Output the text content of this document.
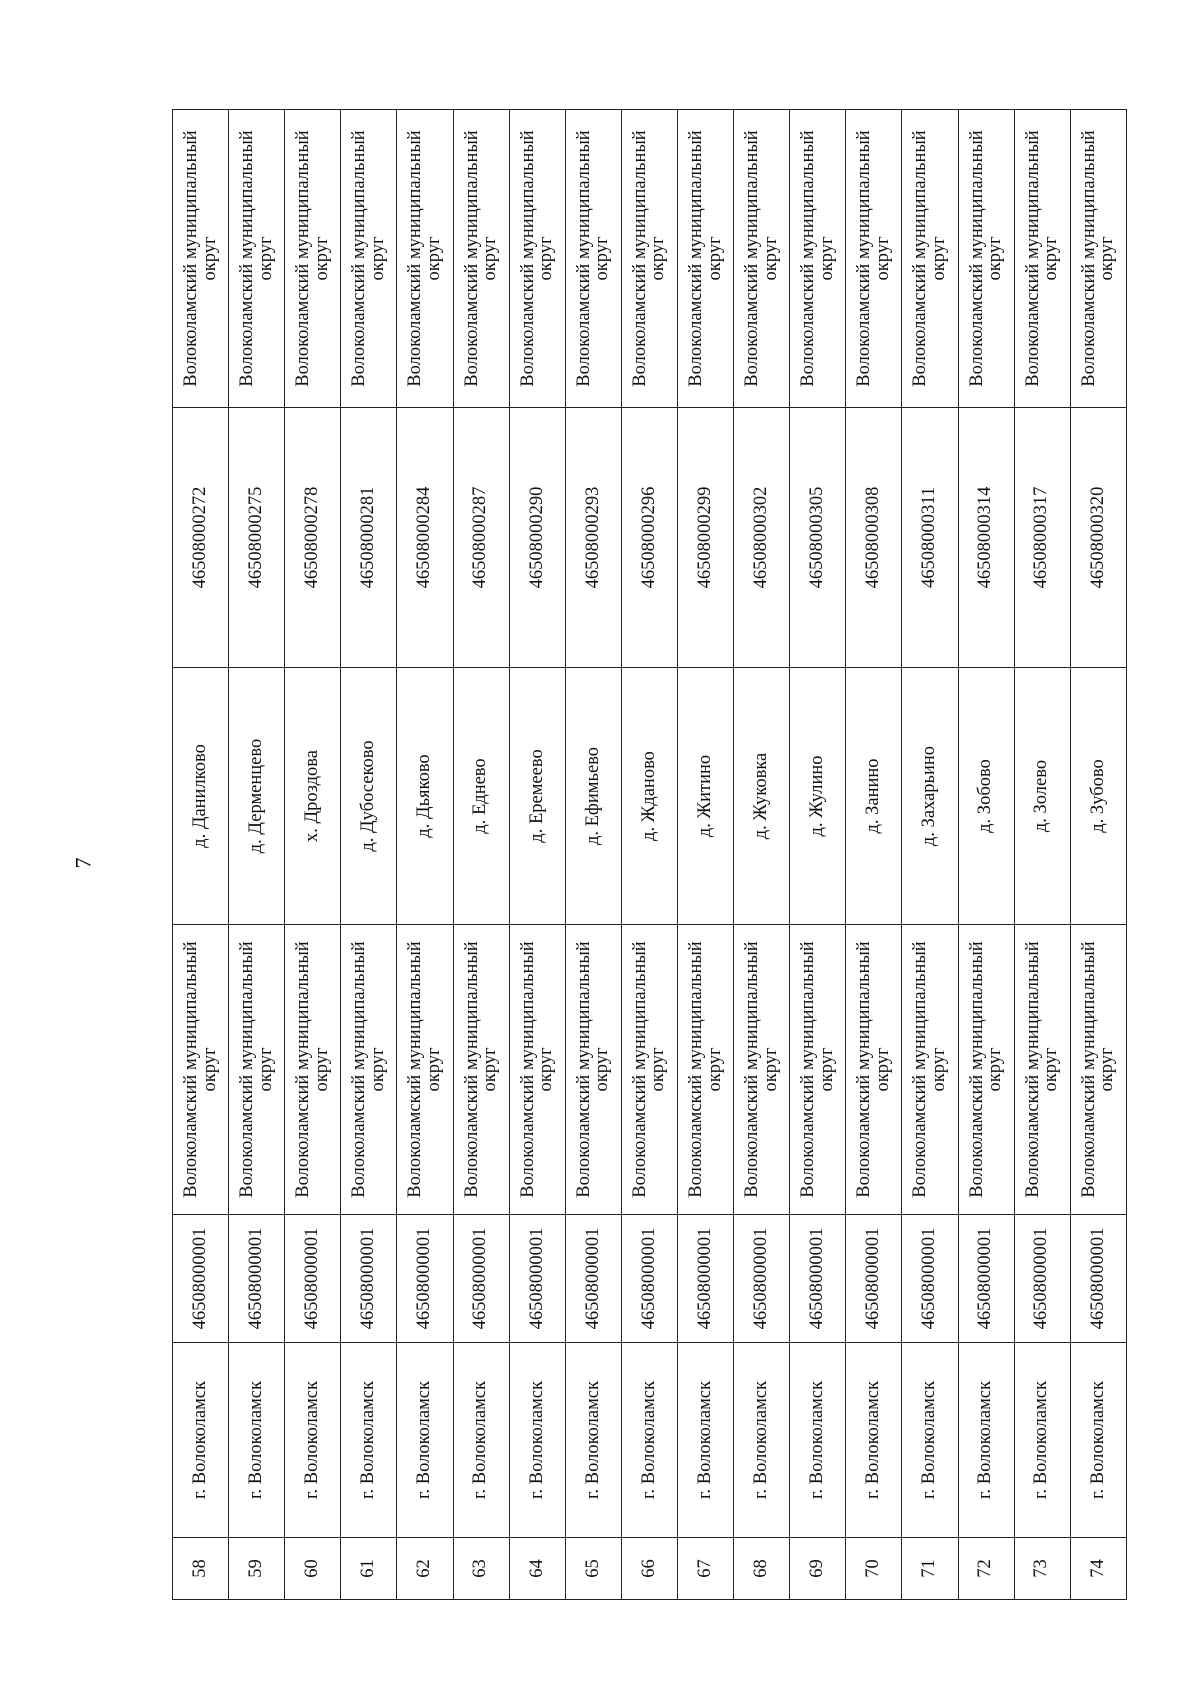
7
58	г. Волоколамск	46508000001	Волоколамский муниципальный округ	д. Данилково	46508000272	Волоколамский муниципальный округ
59	г. Волоколамск	46508000001	Волоколамский муниципальный округ	д. Дерменцево	46508000275	Волоколамский муниципальный округ
60	г. Волоколамск	46508000001	Волоколамский муниципальный округ	х. Дроздова	46508000278	Волоколамский муниципальный округ
61	г. Волоколамск	46508000001	Волоколамский муниципальный округ	д. Дубосеково	46508000281	Волоколамский муниципальный округ
62	г. Волоколамск	46508000001	Волоколамский муниципальный округ	д. Дьяково	46508000284	Волоколамский муниципальный округ
63	г. Волоколамск	46508000001	Волоколамский муниципальный округ	д. Еднево	46508000287	Волоколамский муниципальный округ
64	г. Волоколамск	46508000001	Волоколамский муниципальный округ	д. Еремеево	46508000290	Волоколамский муниципальный округ
65	г. Волоколамск	46508000001	Волоколамский муниципальный округ	д. Ефимьево	46508000293	Волоколамский муниципальный округ
66	г. Волоколамск	46508000001	Волоколамский муниципальный округ	д. Жданово	46508000296	Волоколамский муниципальный округ
67	г. Волоколамск	46508000001	Волоколамский муниципальный округ	д. Житино	46508000299	Волоколамский муниципальный округ
68	г. Волоколамск	46508000001	Волоколамский муниципальный округ	д. Жуковка	46508000302	Волоколамский муниципальный округ
69	г. Волоколамск	46508000001	Волоколамский муниципальный округ	д. Жулино	46508000305	Волоколамский муниципальный округ
70	г. Волоколамск	46508000001	Волоколамский муниципальный округ	д. Занино	46508000308	Волоколамский муниципальный округ
71	г. Волоколамск	46508000001	Волоколамский муниципальный округ	д. Захарьино	46508000311	Волоколамский муниципальный округ
72	г. Волоколамск	46508000001	Волоколамский муниципальный округ	д. Зобово	46508000314	Волоколамский муниципальный округ
73	г. Волоколамск	46508000001	Волоколамский муниципальный округ	д. Золево	46508000317	Волоколамский муниципальный округ
74	г. Волоколамск	46508000001	Волоколамский муниципальный округ	д. Зубово	46508000320	Волоколамский муниципальный округ
